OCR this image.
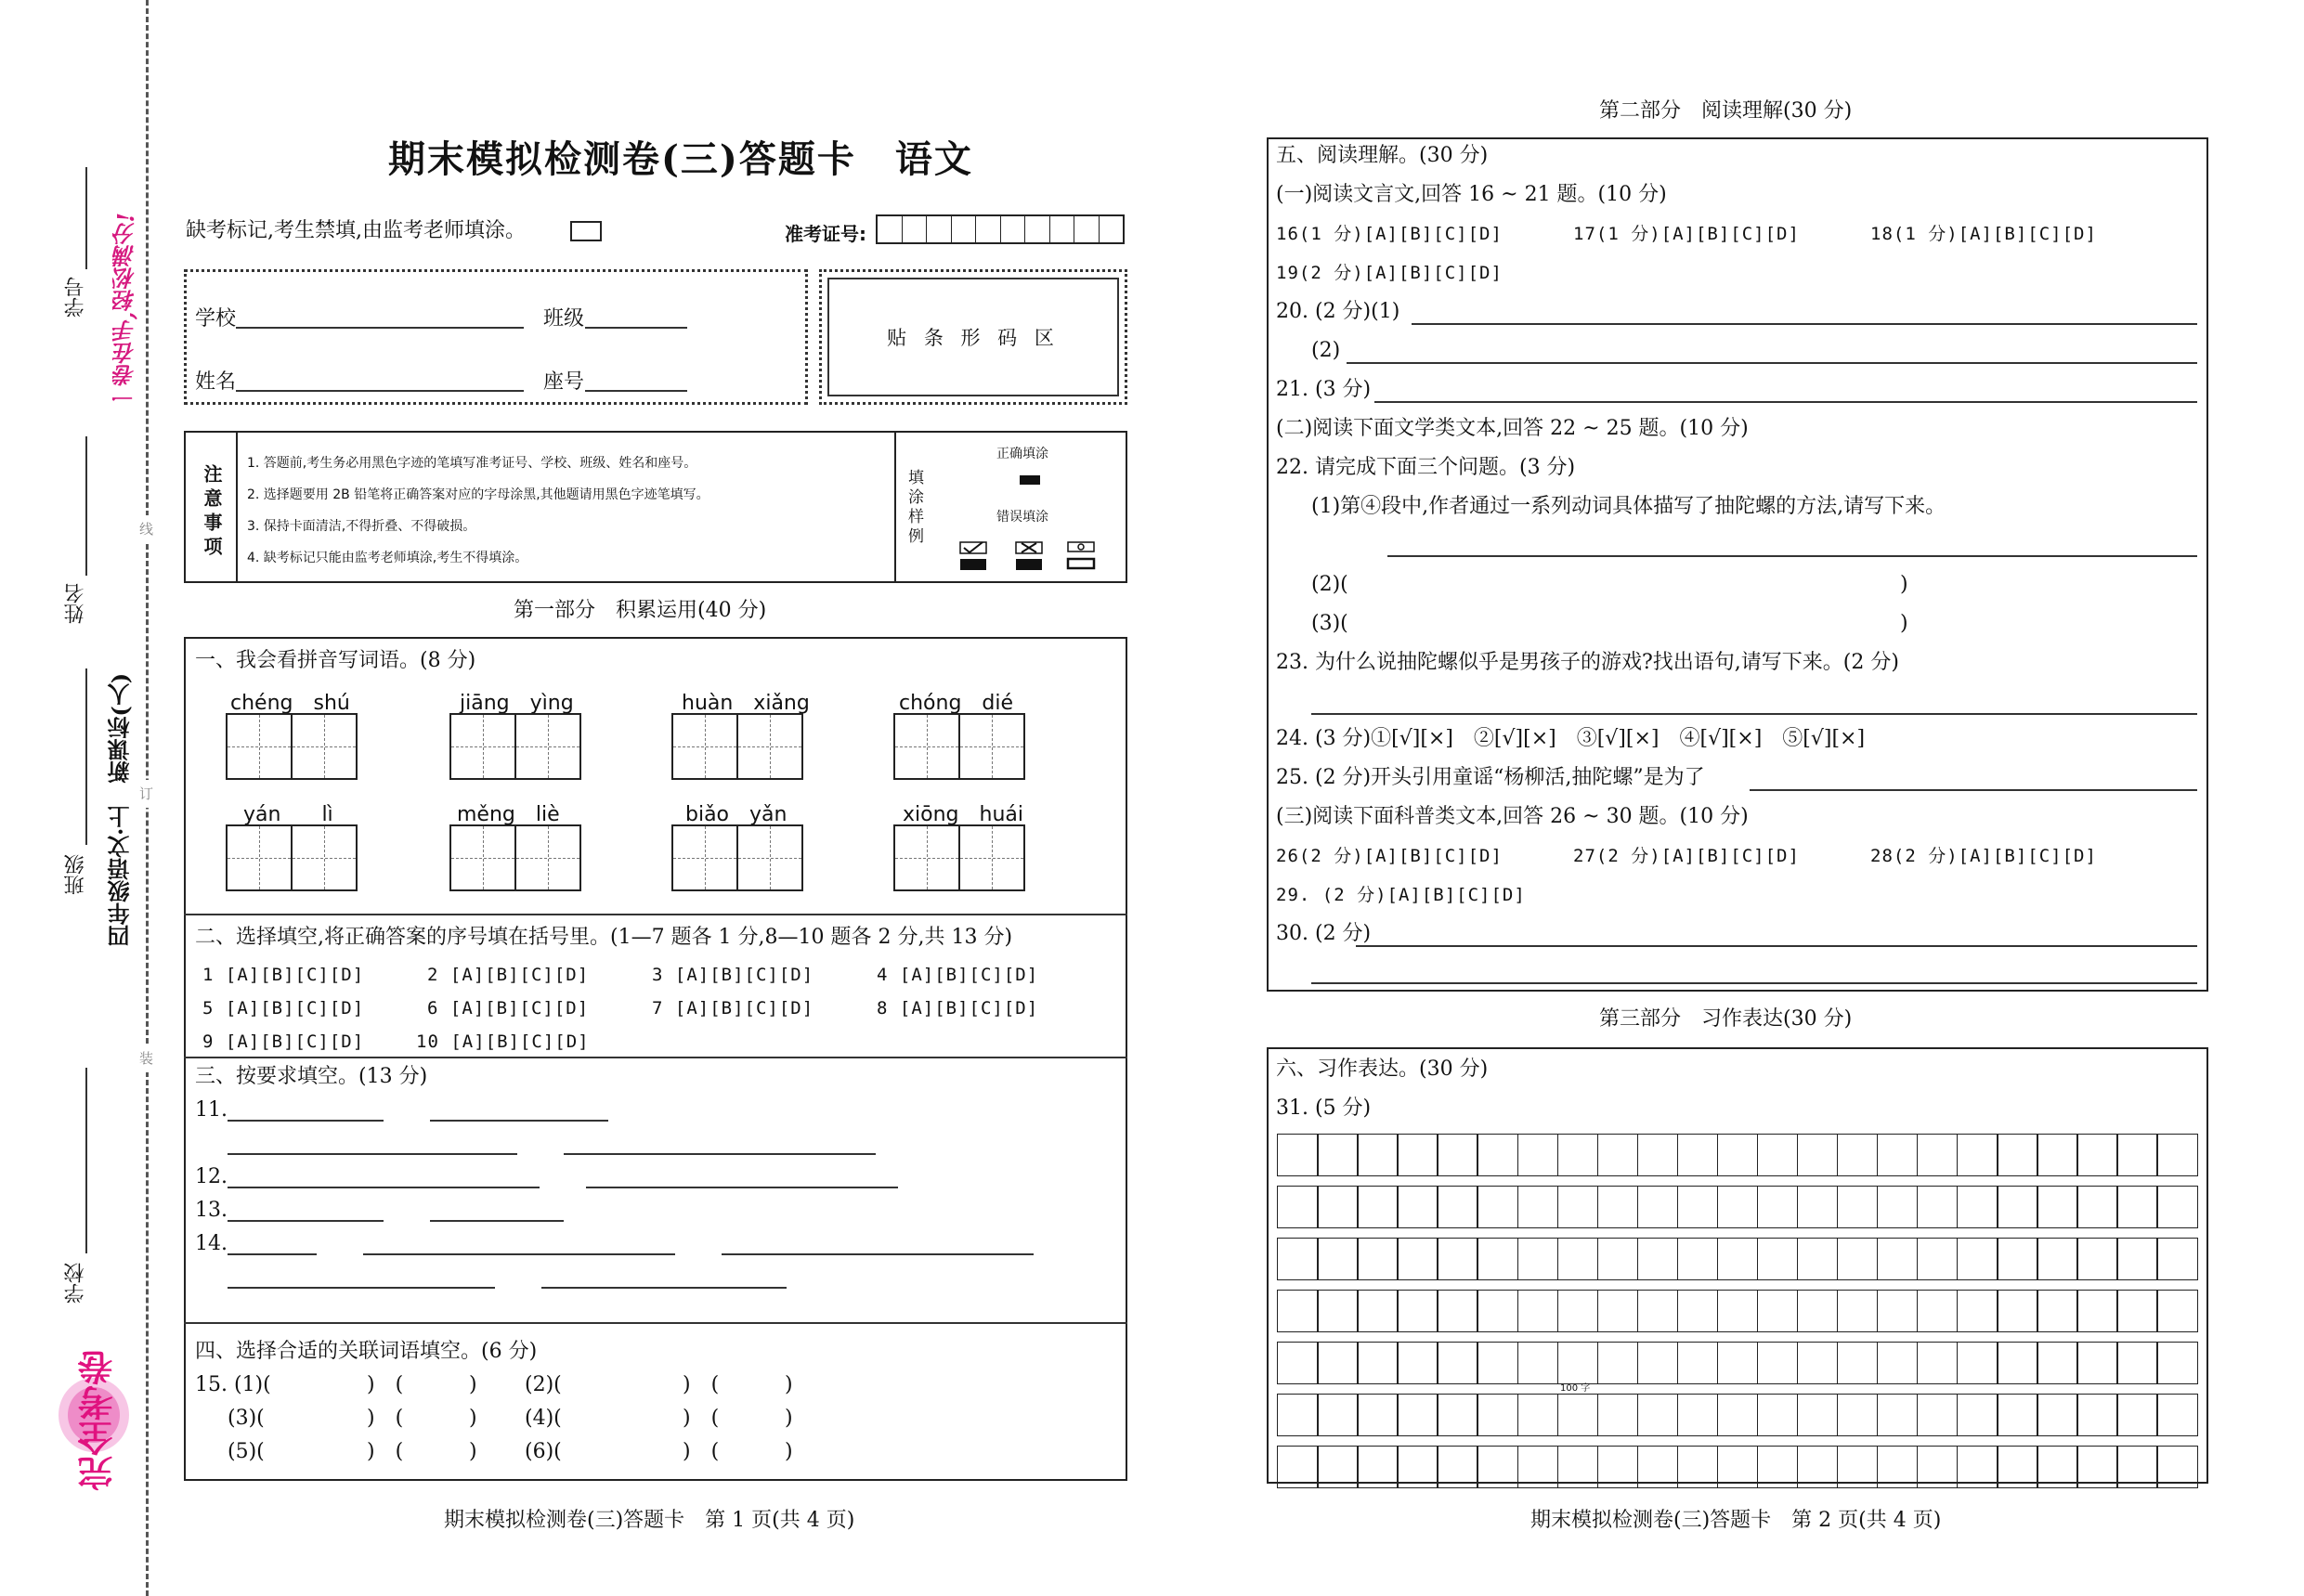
一卷在手,轻松满分!
学号
姓名
四年级语文·上　新课标(人)
班级
学校
线
订
装
完全考卷
期末模拟检测卷(三)答题卡　语文
缺考标记,考生禁填,由监考老师填涂。	准考证号:
学校	班级
姓名	座号
贴 条 形 码 区
注意事项
1. 答题前,考生务必用黑色字迹的笔填写准考证号、学校、班级、姓名和座号。
2. 选择题要用 2B 铅笔将正确答案对应的字母涂黑,其他题请用黑色字迹笔填写。
3. 保持卡面清洁,不得折叠、不得破损。
4. 缺考标记只能由监考老师填涂,考生不得填涂。
填涂样例
正确填涂
错误填涂
第一部分　积累运用(40 分)
一、我会看拼音写词语。(8 分)
chéng　shú	jiāng　yìng	huàn　xiǎng	chóng　dié
yán　　lì	měng　liè	biǎo　yǎn	xiōng　huái
二、选择填空,将正确答案的序号填在括号里。(1—7 题各 1 分,8—10 题各 2 分,共 13 分)
1 [A][B][C][D]	2 [A][B][C][D]	3 [A][B][C][D]	4 [A][B][C][D]
5 [A][B][C][D]	6 [A][B][C][D]	7 [A][B][C][D]	8 [A][B][C][D]
9 [A][B][C][D]	10 [A][B][C][D]
三、按要求填空。(13 分)
11.
12.
13.
14.
四、选择合适的关联词语填空。(6 分)
15. (1)(	)　(	) (2)(	)　(	)
(3)(	)　(	) (4)(	)　(	)
(5)(	)　(	) (6)(	)　(	)
期末模拟检测卷(三)答题卡　第 1 页(共 4 页)
第二部分　阅读理解(30 分)
五、阅读理解。(30 分)
(一)阅读文言文,回答 16 ~ 21 题。(10 分)
16(1 分)[A][B][C][D]	17(1 分)[A][B][C][D]	18(1 分)[A][B][C][D]
19(2 分)[A][B][C][D]
20. (2 分)(1)
(2)
21. (3 分)
(二)阅读下面文学类文本,回答 22 ~ 25 题。(10 分)
22. 请完成下面三个问题。(3 分)
(1)第④段中,作者通过一系列动词具体描写了抽陀螺的方法,请写下来。
(2)(	)
(3)(	)
23. 为什么说抽陀螺似乎是男孩子的游戏?找出语句,请写下来。(2 分)
24. (3 分)①[√][×]　②[√][×]　③[√][×]　④[√][×]　⑤[√][×]
25. (2 分)开头引用童谣“杨柳活,抽陀螺”是为了
(三)阅读下面科普类文本,回答 26 ~ 30 题。(10 分)
26(2 分)[A][B][C][D]	27(2 分)[A][B][C][D]	28(2 分)[A][B][C][D]
29. (2 分)[A][B][C][D]
30. (2 分)
第三部分　习作表达(30 分)
六、习作表达。(30 分)
31. (5 分)
100 字
期末模拟检测卷(三)答题卡　第 2 页(共 4 页)
